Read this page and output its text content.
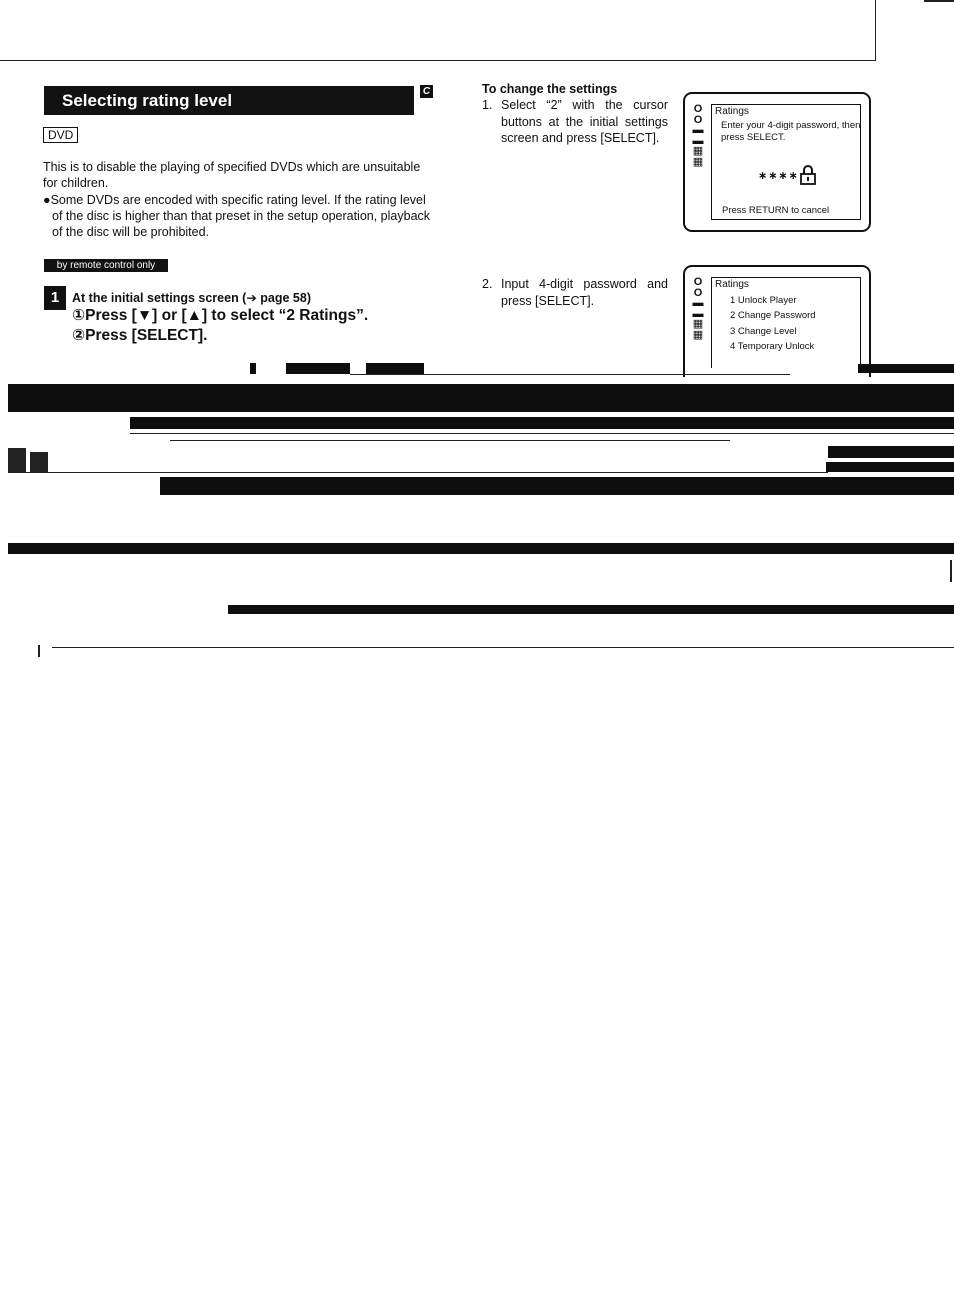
Selecting rating level	C
DVD

This is to disable the playing of specified DVDs which are unsuitable for children.

●Some DVDs are encoded with specific rating level. If the rating level of the disc is higher than that preset in the setup operation, playback of the disc will be prohibited.

by remote control only
1	At the initial settings screen (➔ page 58)
①Press [▼] or [▲] to select “2 Ratings”.
②Press [SELECT].
To change the settings
1. Select “2” with the cursor buttons at the initial settings screen and press [SELECT].
2. Input 4-digit password and press [SELECT].
O
O
▬
▬
▦
▦
Ratings
Enter your 4-digit password, then press SELECT.
∗∗∗∗
Press RETURN to cancel
O
O
▬
▬
▦
▦
Ratings
1 Unlock Player
2 Change Password
3 Change Level
4 Temporary Unlock
